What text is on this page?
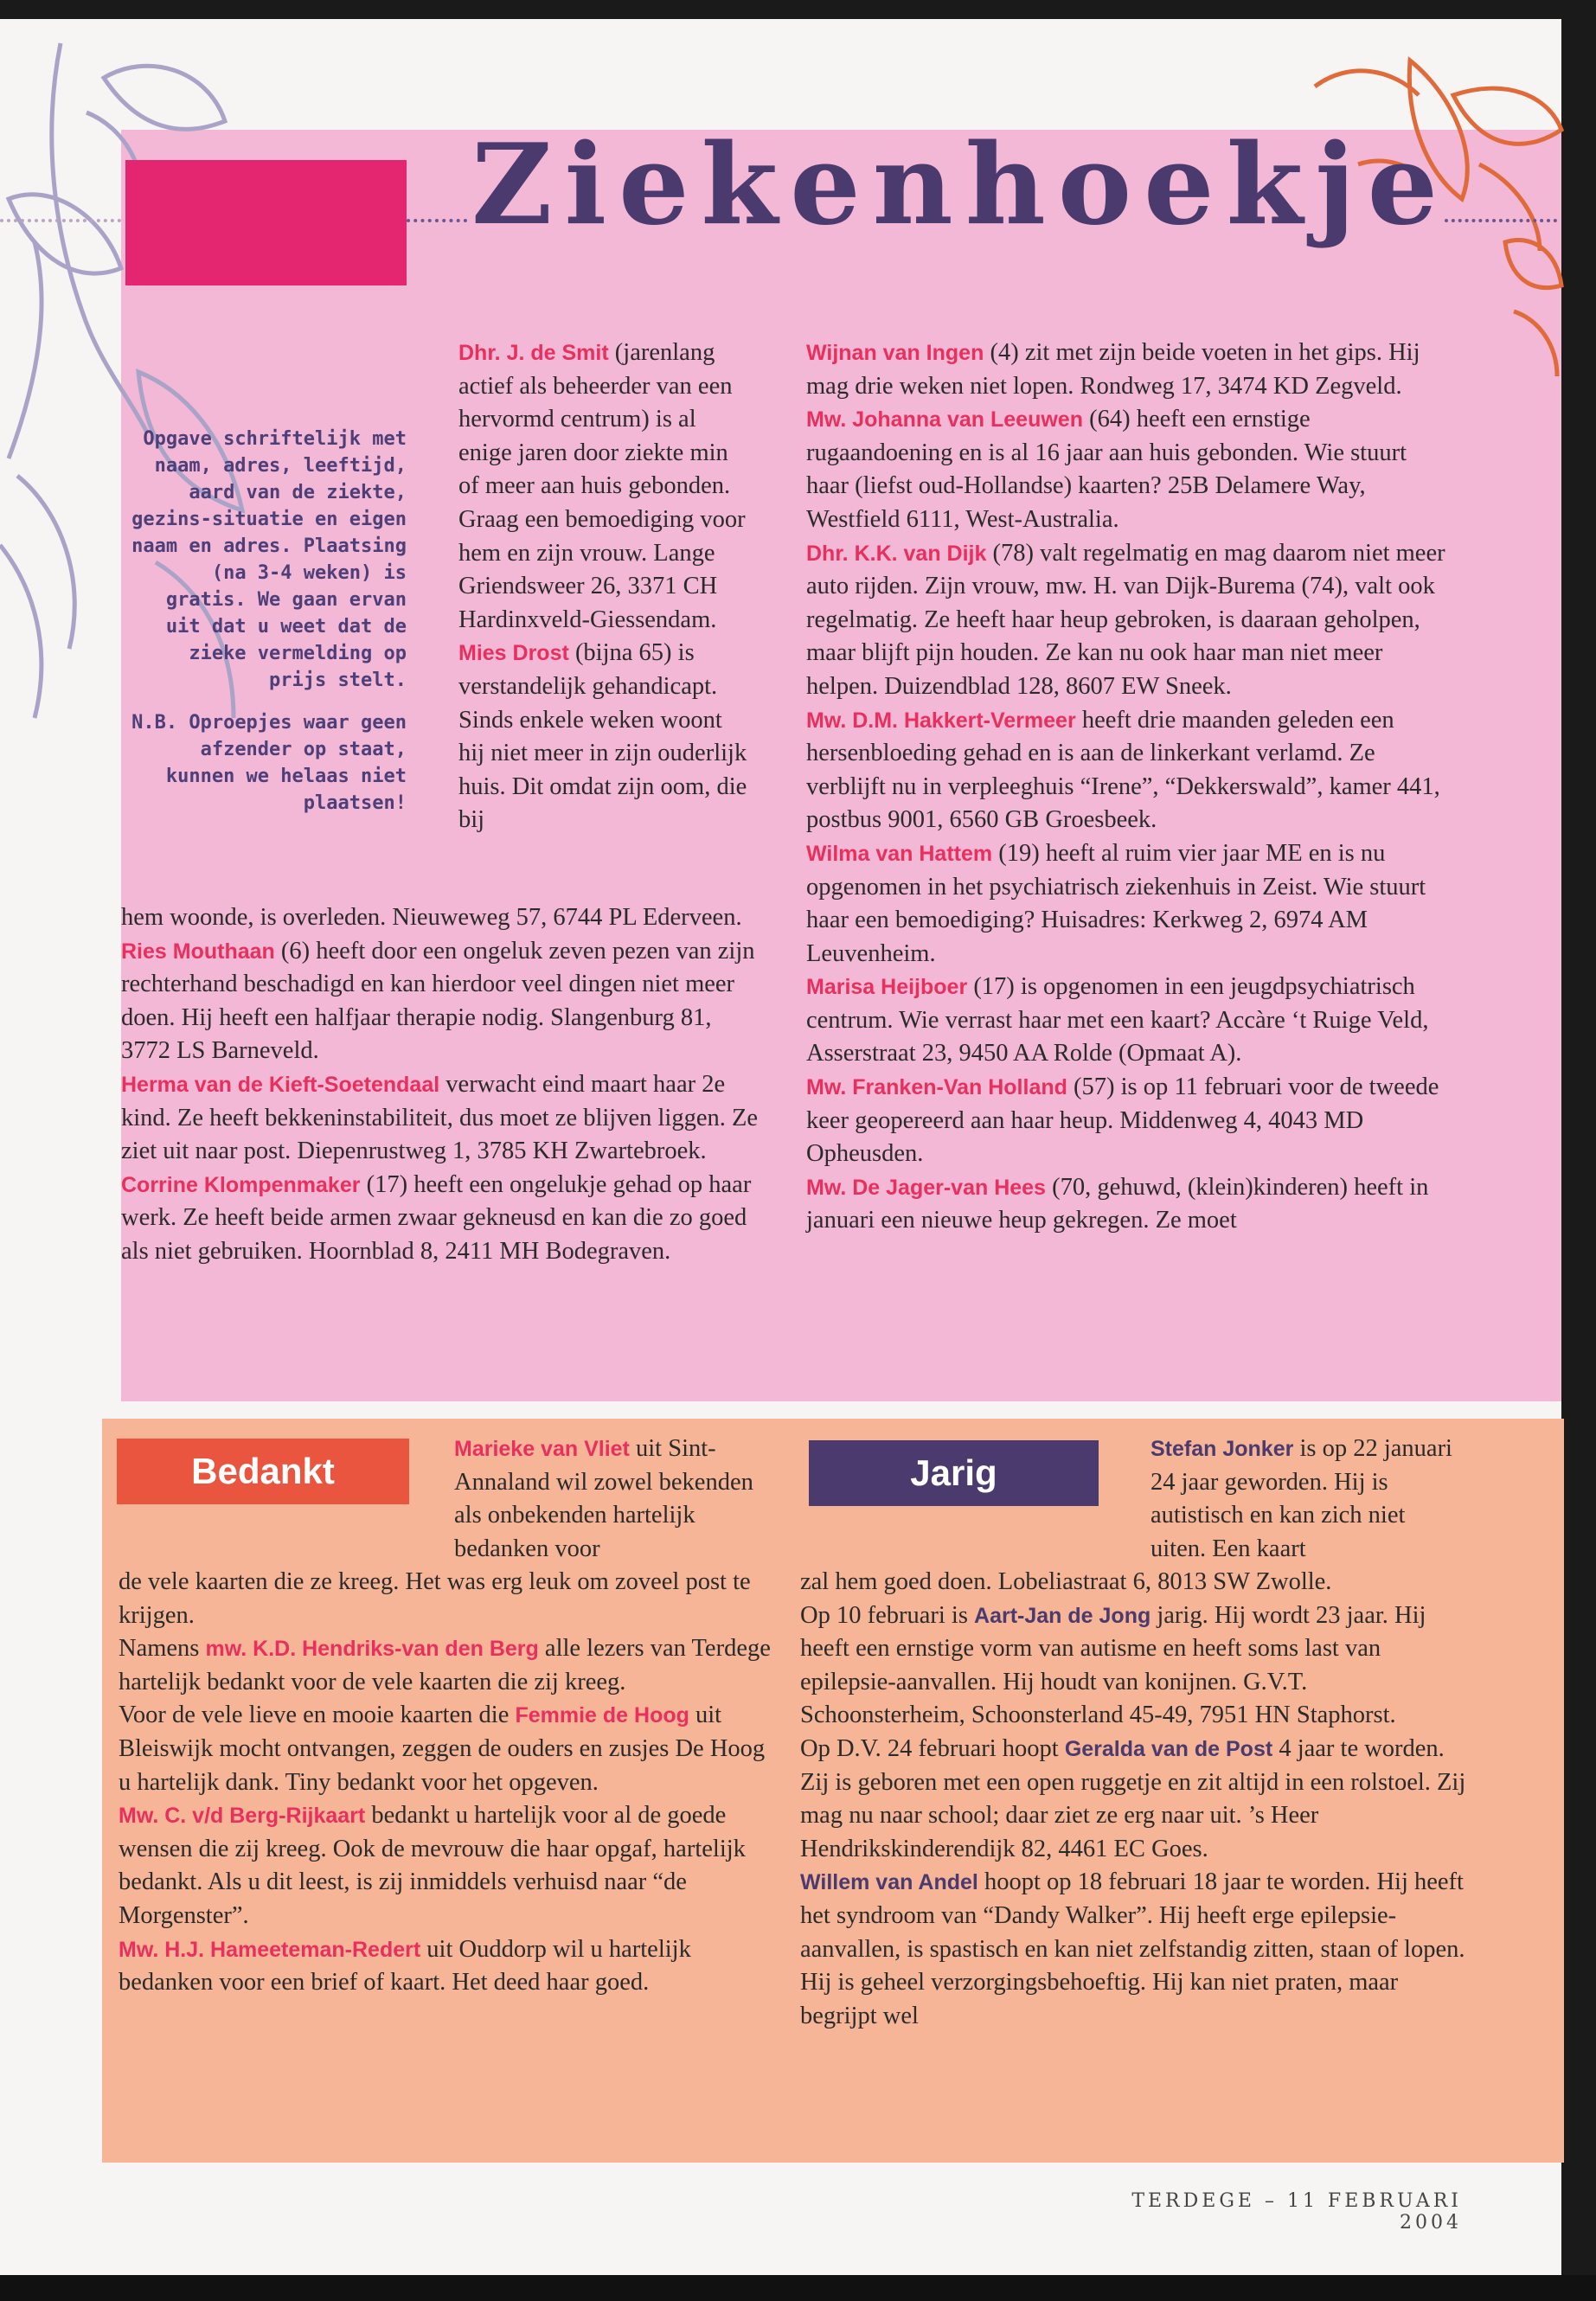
Ziekenhoekje

Opgave schriftelijk met naam, adres, leeftijd, aard van de ziekte, gezins-situatie en eigen naam en adres. Plaatsing (na 3-4 weken) is gratis. We gaan ervan uit dat u weet dat de zieke vermelding op prijs stelt.

N.B. Oproepjes waar geen afzender op staat, kunnen we helaas niet plaatsen!

Dhr. J. de Smit (jarenlang actief als beheerder van een hervormd centrum) is al enige jaren door ziekte min of meer aan huis gebonden. Graag een bemoediging voor hem en zijn vrouw. Lange Griendsweer 26, 3371 CH Hardinxveld-Giessendam.

Mies Drost (bijna 65) is verstandelijk gehandicapt. Sinds enkele weken woont hij niet meer in zijn ouderlijk huis. Dit omdat zijn oom, die bij

hem woonde, is overleden. Nieuweweg 57, 6744 PL Ederveen.

Ries Mouthaan (6) heeft door een ongeluk zeven pezen van zijn rechterhand beschadigd en kan hierdoor veel dingen niet meer doen. Hij heeft een halfjaar therapie nodig. Slangenburg 81, 3772 LS Barneveld.

Herma van de Kieft-Soetendaal verwacht eind maart haar 2e kind. Ze heeft bekkeninstabiliteit, dus moet ze blijven liggen. Ze ziet uit naar post. Diepenrustweg 1, 3785 KH Zwartebroek.

Corrine Klompenmaker (17) heeft een ongelukje gehad op haar werk. Ze heeft beide armen zwaar gekneusd en kan die zo goed als niet gebruiken. Hoornblad 8, 2411 MH Bodegraven.

Wijnan van Ingen (4) zit met zijn beide voeten in het gips. Hij mag drie weken niet lopen. Rondweg 17, 3474 KD Zegveld.

Mw. Johanna van Leeuwen (64) heeft een ernstige rugaandoening en is al 16 jaar aan huis gebonden. Wie stuurt haar (liefst oud-Hollandse) kaarten? 25B Delamere Way, Westfield 6111, West-Australia.

Dhr. K.K. van Dijk (78) valt regelmatig en mag daarom niet meer auto rijden. Zijn vrouw, mw. H. van Dijk-Burema (74), valt ook regelmatig. Ze heeft haar heup gebroken, is daaraan geholpen, maar blijft pijn houden. Ze kan nu ook haar man niet meer helpen. Duizendblad 128, 8607 EW Sneek.

Mw. D.M. Hakkert-Vermeer heeft drie maanden geleden een hersenbloeding gehad en is aan de linkerkant verlamd. Ze verblijft nu in verpleeghuis “Irene”, “Dekkerswald”, kamer 441, postbus 9001, 6560 GB Groesbeek.

Wilma van Hattem (19) heeft al ruim vier jaar ME en is nu opgenomen in het psychiatrisch ziekenhuis in Zeist. Wie stuurt haar een bemoediging? Huisadres: Kerkweg 2, 6974 AM Leuvenheim.

Marisa Heijboer (17) is opgenomen in een jeugdpsychiatrisch centrum. Wie verrast haar met een kaart? Accàre ‘t Ruige Veld, Asserstraat 23, 9450 AA Rolde (Opmaat A).

Mw. Franken-Van Holland (57) is op 11 februari voor de tweede keer geopereerd aan haar heup. Middenweg 4, 4043 MD Opheusden.

Mw. De Jager-van Hees (70, gehuwd, (klein)kinderen) heeft in januari een nieuwe heup gekregen. Ze moet

Bedankt

Marieke van Vliet uit Sint-Annaland wil zowel bekenden als onbekenden hartelijk bedanken voor

de vele kaarten die ze kreeg. Het was erg leuk om zoveel post te krijgen.

Namens mw. K.D. Hendriks-van den Berg alle lezers van Terdege hartelijk bedankt voor de vele kaarten die zij kreeg.

Voor de vele lieve en mooie kaarten die Femmie de Hoog uit Bleiswijk mocht ontvangen, zeggen de ouders en zusjes De Hoog u hartelijk dank. Tiny bedankt voor het opgeven.

Mw. C. v/d Berg-Rijkaart bedankt u hartelijk voor al de goede wensen die zij kreeg. Ook de mevrouw die haar opgaf, hartelijk bedankt. Als u dit leest, is zij inmiddels verhuisd naar “de Morgenster”.

Mw. H.J. Hameeteman-Redert uit Ouddorp wil u hartelijk bedanken voor een brief of kaart. Het deed haar goed.

Jarig

Stefan Jonker is op 22 januari 24 jaar geworden. Hij is autistisch en kan zich niet uiten. Een kaart

zal hem goed doen. Lobeliastraat 6, 8013 SW Zwolle.

Op 10 februari is Aart-Jan de Jong jarig. Hij wordt 23 jaar. Hij heeft een ernstige vorm van autisme en heeft soms last van epilepsie-aanvallen. Hij houdt van konijnen. G.V.T. Schoonsterheim, Schoonsterland 45-49, 7951 HN Staphorst.

Op D.V. 24 februari hoopt Geralda van de Post 4 jaar te worden. Zij is geboren met een open ruggetje en zit altijd in een rolstoel. Zij mag nu naar school; daar ziet ze erg naar uit. ’s Heer Hendrikskinderendijk 82, 4461 EC Goes.

Willem van Andel hoopt op 18 februari 18 jaar te worden. Hij heeft het syndroom van “Dandy Walker”. Hij heeft erge epilepsie-aanvallen, is spastisch en kan niet zelfstandig zitten, staan of lopen. Hij is geheel verzorgingsbehoeftig. Hij kan niet praten, maar begrijpt wel

TERDEGE – 11 FEBRUARI 2004
